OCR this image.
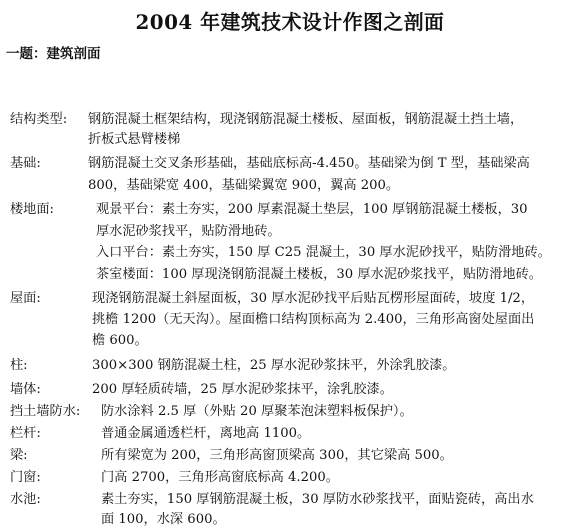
2004 年建筑技术设计作图之剖面
一题：建筑剖面
结构类型: 钢筋混凝土框架结构，现浇钢筋混凝土楼板、屋面板，钢筋混凝土挡土墙，
折板式悬臂楼梯
基础:	钢筋混凝土交叉条形基础，基础底标高-4.450。基础梁为倒 T 型，基础梁高
800，基础梁宽 400，基础梁翼宽 900，翼高 200。
楼地面:	观景平台：素土夯实，200 厚素混凝土垫层，100 厚钢筋混凝土楼板，30
厚水泥砂浆找平，贴防滑地砖。
入口平台：素土夯实，150 厚 C25 混凝土，30 厚水泥砂找平，贴防滑地砖。
茶室楼面：100 厚现浇钢筋混凝土楼板，30 厚水泥砂浆找平，贴防滑地砖。
屋面:	现浇钢筋混凝土斜屋面板，30 厚水泥砂找平后贴瓦楞形屋面砖，坡度 1/2，
挑檐 1200（无天沟）。屋面檐口结构顶标高为 2.400，三角形高窗处屋面出
檐 600。
柱:	300×300 钢筋混凝土柱，25 厚水泥砂浆抹平，外涂乳胶漆。
墙体:	200 厚轻质砖墙，25 厚水泥砂浆抹平，涂乳胶漆。
挡土墙防水: 防水涂料 2.5 厚（外贴 20 厚聚苯泡沫塑料板保护）。
栏杆:	普通金属通透栏杆，离地高 1100。
梁:	所有梁宽为 200，三角形高窗顶梁高 300，其它梁高 500。
门窗:	门高 2700，三角形高窗底标高 4.200。
水池:	素土夯实，150 厚钢筋混凝土板，30 厚防水砂浆找平，面贴瓷砖，高出水
面 100，水深 600。
